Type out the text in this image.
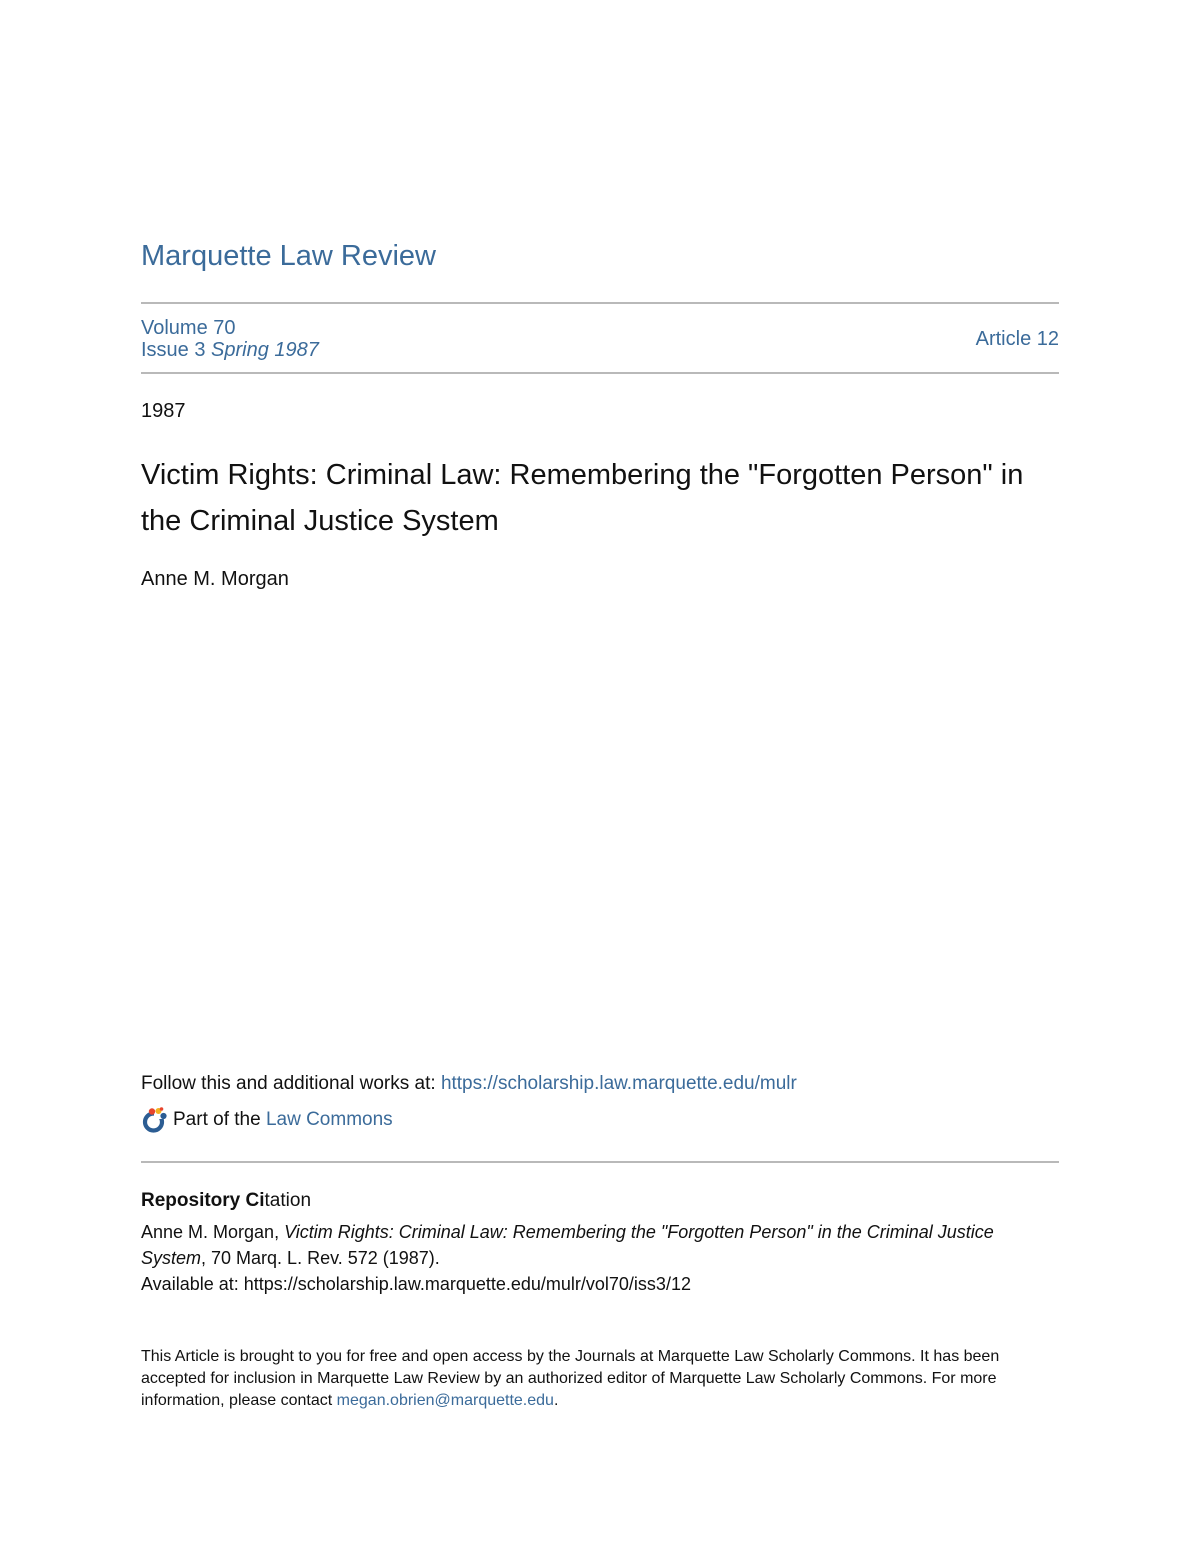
Marquette Law Review
Volume 70
Issue 3 Spring 1987	Article 12
1987
Victim Rights: Criminal Law: Remembering the "Forgotten Person" in the Criminal Justice System
Anne M. Morgan
Follow this and additional works at: https://scholarship.law.marquette.edu/mulr
Part of the Law Commons
Repository Citation
Anne M. Morgan, Victim Rights: Criminal Law: Remembering the "Forgotten Person" in the Criminal Justice System, 70 Marq. L. Rev. 572 (1987).
Available at: https://scholarship.law.marquette.edu/mulr/vol70/iss3/12
This Article is brought to you for free and open access by the Journals at Marquette Law Scholarly Commons. It has been accepted for inclusion in Marquette Law Review by an authorized editor of Marquette Law Scholarly Commons. For more information, please contact megan.obrien@marquette.edu.
